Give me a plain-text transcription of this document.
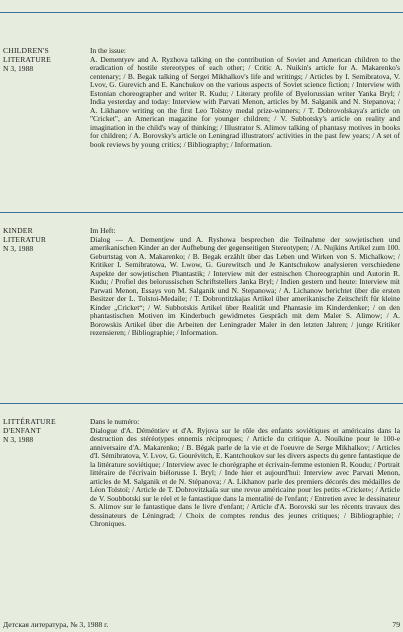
CHILDREN'S
LITERATURE
N 3, 1988
In the issue:
A. Dementyev and A. Ryzhova talking on the contribution of Soviet and American children to the eradication of hostile stereotypes of each other; / Critic A. Nuikin's article for A. Makarenko's centenary; / B. Begak talking of Sergei Mikhalkov's life and writings; / Articles by I. Semibratova, V. Lvov, G. Gurevich and E. Kanchukov on the various aspects of Soviet science fiction; / Interview with Estonian choreographer and writer R. Kudu; / Literary profile of Byelorussian writer Yanka Bryl; / India yesterday and today: Interview with Parvati Menon, articles by M. Salganik and N. Stepanova; / A. Likhanov writing on the first Leo Tolstoy medal prize-winners; / T. Dobrovolskaya's article on "Cricket", an American magazine for younger children; / V. Subbotsky's article on reality and imagination in the child's way of thinking; / Illustrator S. Alimov talking of phantasy motives in books for children; / A. Borovsky's article on Leningrad illustrators' activities in the past few years; / A set of book reviews by young critics; / Bibliography; / Information.
KINDER
LITERATUR
N 3, 1988
Im Heft:
Dialog — A. Dementjew und A. Ryshowa besprechen die Teilnahme der sowjetischen und amerikanischen Kinder an der Aufhebung der gegenseitigen Stereotypen; / A. Nujkins Artikel zum 100. Geburtstag von A. Makarenko; / B. Begak erzählt über das Leben und Wirken von S. Michalkow; / Kritiker I. Semibratowa, W. Lwow, G. Gurewitsch und Je Kantschukow analysieren verschiedene Aspekte der sowjetischen Phantastik; / Interview mit der estnischen Choreographin und Autorin R. Kudu; / Profiel des belorussischen Schriftstellers Janka Bryl; / Indien gestern und heute: Interview mit Parwati Menon, Essays von M. Salganik und N. Stepanowa; / A. Lichanow berichtet über die ersten Besitzer der L. Tolstoi-Medaile; / T. Dobrontitzkajas Artikel über amerikanische Zeitschrift für kleine Kinder „Cricket“; / W. Subbotskis Artikel über Realität und Phantasie im Kinderdenker; / on den phantastischen Motiven im Kinderbuch gewidmetes Gespräch mit dem Maler S. Alimow; / A. Borowskis Artikel über die Arbeiten der Leningrader Maler in den letzten Jahren; / junge Kritiker rezensieren; / Bibliographie; / Information.
LITTÉRATURE
D'ENFANT
N 3, 1988
Dans le numéro:
Dialogue d'A. Déméntiev et d'A. Ryjova sur le rôle des enfants soviétiques et américains dans la destruction des stéréotypes ennemis réciproques; / Article du critique A. Nouïkine pour le 100-e anniversaire d'A. Makarenko; / B. Bégak parle de la vie et de l'oeuvre de Serge Mikhalkov; / Articles d'I. Sémibratova, V. Lvov, G. Gourévitch, E. Kantchoukov sur les divers aspects du genre fantastique de la littérature soviétique; / Interview avec le chorégraphe et écrivain-femme estonien R. Koudu; / Portrait littéraire de l'écrivain biélorusse I. Bryl; / Inde hier et aujourd'hui: Interview avec Parvati Menon, articles de M. Salganik et de N. Stépanova; / A. Likhanov parle des premiers décorés des médailles de Léon Tolstoï; / Article de T. Dobrovitzkaïa sur une revue américaine pour les petits «Cricket»; / Article de V. Soubbotski sur le réel et le fantastique dans la mentalité de l'enfant; / Entretien avec le dessinateur S. Alimov sur le fantastique dans le livre d'enfant; / Article d'A. Borovski sur les récents travaux des dessinateurs de Léningrad; / Choix de comptes rendus des jeunes critiques; / Bibliographie; / Chroniques.
Детская литература, № 3, 1988 г.	79
